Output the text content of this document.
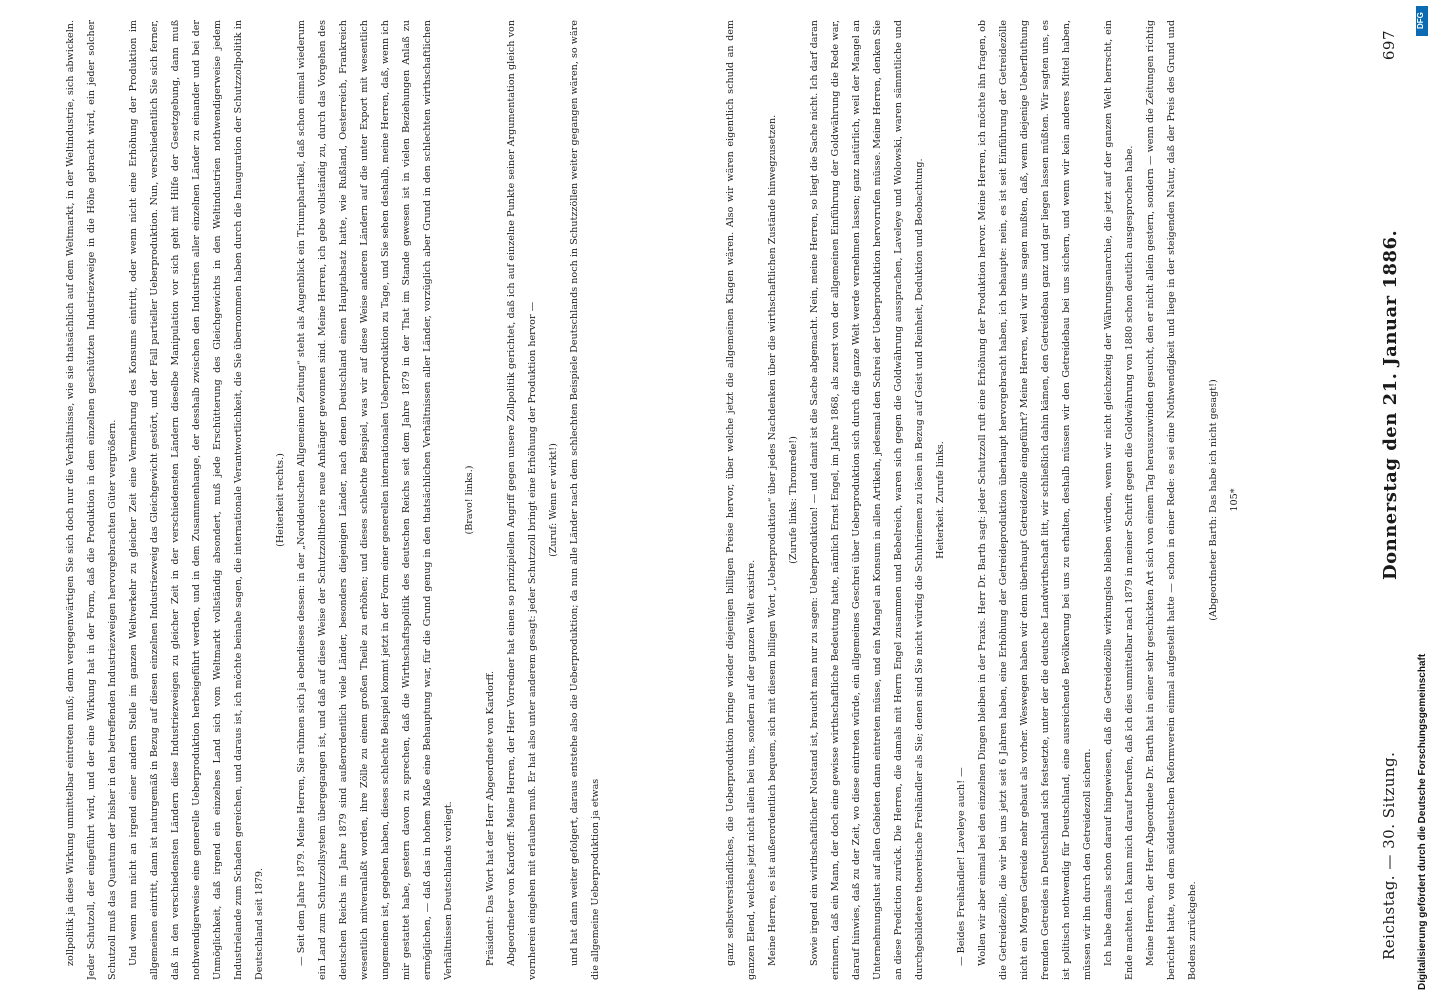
Reichstag. — 30. Sitzung.
Donnerstag den 21. Januar 1886.
697

zollpolitik ja diese Wirkung unmittelbar eintreten muß; denn vergegenwärtigen Sie sich doch nur die Verhältnisse, wie sie thatsächlich auf dem Weltmarkt, in der Weltindustrie, sich abwickeln. Jeder Schutzoll, der eingeführt wird, und der eine Wirkung hat in der Form, daß die Produktion in dem einzelnen geschützten Industriezweige in die Höhe gebracht wird, ein jeder solcher Schutzoll muß das Quantum der bisher in den betreffenden Industriezweigen hervorgebrachten Güter vergrößern.	Und wenn nun nicht an irgend einer andern Stelle im ganzen Weltverkehr zu gleicher Zeit eine Vermehrung des Konsums eintritt, oder wenn nicht eine Erhöhung der Produktion im allgemeinen eintritt, dann ist naturgemäß in Bezug auf diesen einzelnen Industriezweig das Gleichgewicht gestört, und der Fall partieller Ueberproduktion. Nun, verschiedentlich Sie sich ferner, daß in den verschiedensten Ländern diese Industriezweigen zu gleicher Zeit in der verschiedensten Ländern dieselbe Manipulation vor sich geht mit Hilfe der Gesetzgebung, dann muß nothwendigerweise eine generelle Ueberproduktion herbeigeführt werden, und in dem Zusammenhange, der desshalb zwischen den Industrien aller einzelnen Länder zu einander und bei der Unmöglichkeit, daß irgend ein einzelnes Land sich vom Weltmarkt vollständig absondert, muß jede Erschütterung des Gleichgewichts in den Weltindustrien nothwendigerweise jedem Industrielande zum Schaden gereichen, und daraus ist, ich möchte beinahe sagen, die internationale Verantwortlichkeit, die Sie übernommen haben durch die Inauguration der Schutzzollpolitik in Deutschland seit 1879.

(Heiterkeit rechts.)	— Seit dem Jahre 1879. Meine Herren, Sie rühmen sich ja ebendieses dessen: in der „Norddeutschen Allgemeinen Zeitung“ steht als Augenblick ein Triumphartikel, daß schon einmal wiederum ein Land zum Schutzzollsystem übergegangen ist, und daß auf diese Weise der Schutzzolltheorie neue Anhänger gewonnen sind. Meine Herren, ich gebe vollständig zu, durch das Vorgehen des deutschen Reichs im Jahre 1879 sind außerordentlich viele Länder, besonders diejenigen Länder, nach denen Deutschland einen Hauptabsatz hatte, wie Rußland, Oesterreich, Frankreich wesentlich mitveranlaßt worden, ihre Zölle zu einem großen Theile zu erhöhen; und dieses schlechte Beispiel, was wir auf diese Weise anderen Ländern auf die unter Export mit wesentlich ungemeinen ist, gegeben haben, dieses schlechte Beispiel kommt jetzt in der Form einer generellen internationalen Ueberproduktion zu Tage, und Sie sehen deshalb, meine Herren, daß, wenn ich mir gestattet habe, gestern davon zu sprechen, daß die Wirthschaftspolitik des deutschen Reichs seit dem Jahre 1879 in der That im Stande gewesen ist in vielen Beziehungen Anlaß zu ermöglichen, — daß das in hohem Maße eine Behauptung war, für die Grund genug in den thatsächlichen Verhältnissen aller Länder, vorzüglich aber Grund in den schlechten wirthschaftlichen Verhältnissen Deutschlands vorliegt.

(Bravo! links.)

Präsident: Das Wort hat der Herr Abgeordnete von Kardorff.	Abgeordneter von Kardorff: Meine Herren, der Herr Vorredner hat einen so prinzipiellen Angriff gegen unsere Zollpolitik gerichtet, daß ich auf einzelne Punkte seiner Argumentation gleich von vornherein eingehen mit erlauben muß. Er hat also unter anderem gesagt: jeder Schutzzoll bringt eine Erhöhung der Produktion hervor —	(Zuruf: Wenn er wirkt!)	und hat dann weiter gefolgert, daraus entstehe also die Ueberproduktion; da nun alle Länder nach dem schlechten Beispiele Deutschlands noch in Schutzzöllen weiter gegangen wären, so wäre die allgemeine Ueberproduktion ja etwas	ganz selbstverständliches, die Ueberproduktion bringe wieder diejenigen billigen Preise hervor, über welche jetzt die allgemeinen Klagen wären. Also wir wären eigentlich schuld an dem ganzen Elend, welches jetzt nicht allein bei uns, sondern auf der ganzen Welt existire.	Meine Herren, es ist außerordentlich bequem, sich mit diesem billigen Wort „Ueberproduktion“ über jedes Nachdenken über die wirthschaftlichen Zustände hinwegzusetzen.	(Zurufe links: Thronrede!)	Sowie irgend ein wirthschaftlicher Notstand ist, braucht man nur zu sagen: Ueberproduktion! — und damit ist die Sache abgemacht. Nein, meine Herren, so liegt die Sache nicht. Ich darf daran erinnern, daß ein Mann, der doch eine gewisse wirthschaftliche Bedeutung hatte, nämlich Ernst Engel, im Jahre 1868, als zuerst von der allgemeinen Einführung der Goldwährung die Rede war, darauf hinwies, daß zu der Zeit, wo diese eintreten würde, ein allgemeines Geschrei über Ueberproduktion sich durch die ganze Welt werde vernehmen lassen; ganz natürlich, weil der Mangel an Unternehmungslust auf allen Gebieten dann eintreten müsse, und ein Mangel an Konsum in allen Artikeln, jedesmal den Schrei der Ueberproduktion hervorrufen müsse. Meine Herren, denken Sie an diese Prediction zurück. Die Herren, die damals mit Herrn Engel zusammen und Bebelreich, waren sich gegen die Goldwährung aussprachen, Laveleye und Wolowski, waren sämmtliche und durchgebildetere theoretische Freihändler als Sie; denen sind Sie nicht würdig die Schuhriemen zu lösen in Bezug auf Geist und Reinheit, Deduktion und Beobachtung.	Heiterkeit. Zurufe links.

— Beides Freihändler! Laveleye auch! —	Wollen wir aber einmal bei den einzelnen Dingen bleiben in der Praxis. Herr Dr. Barth sagt: jeder Schutzzoll ruft eine Erhöhung der Produktion hervor. Meine Herren, ich möchte ihn fragen, ob die Getreidezölle, die wir bei uns jetzt seit 6 Jahren haben, eine Erhöhung der Getreideproduktion überhaupt hervorgebracht haben, ich behaupte: nein, es ist seit Einführung der Getreidezölle nicht ein Morgen Getreide mehr gebaut als vorher. Weswegen haben wir denn überhaupt Getreidezölle eingeführt? Meine Herren, weil wir uns sagen mußten, daß, wenn diejenige Ueberfluthung fremden Getreides in Deutschland sich festsetzte, unter der die deutsche Landwirthschaft litt, wir schließlich dahin kämen, den Getreidebau ganz und gar liegen lassen müßten. Wir sagten uns, es ist politisch nothwendig für Deutschland, eine ausreichende Bevölkerung bei uns zu erhalten, deshalb müssen wir den Getreidebau bei uns sichern, und wenn wir kein anderes Mittel haben, müssen wir ihn durch den Getreidezoll sichern.	Ich habe damals schon darauf hingewiesen, daß die Getreidezölle wirkungslos bleiben würden, wenn wir nicht gleichzeitig der Währungsanarchie, die jetzt auf der ganzen Welt herrscht, ein Ende machten. Ich kann mich darauf berufen, daß ich dies unmittelbar nach 1879 in meiner Schrift gegen die Goldwährung von 1880 schon deutlich ausgesprochen habe.	Meine Herren, der Herr Abgeordnete Dr. Barth hat in einer sehr geschickten Art sich von einem Tag herauszuwinden gesucht, den er nicht allein gestern, sondern — wenn die Zeitungen richtig berichtet hatte, von dem süddeutschen Reformverein einmal aufgestellt hatte — schon in einer Rede: es sei eine Nothwendigkeit und liege in der steigenden Natur, daß der Preis des Grund und Bodens zurückgehe.

(Abgeordneter Barth: Das habe ich nicht gesagt!)	105*

DFG
Digitalisierung gefördert durch die Deutsche Forschungsgemeinschaft
